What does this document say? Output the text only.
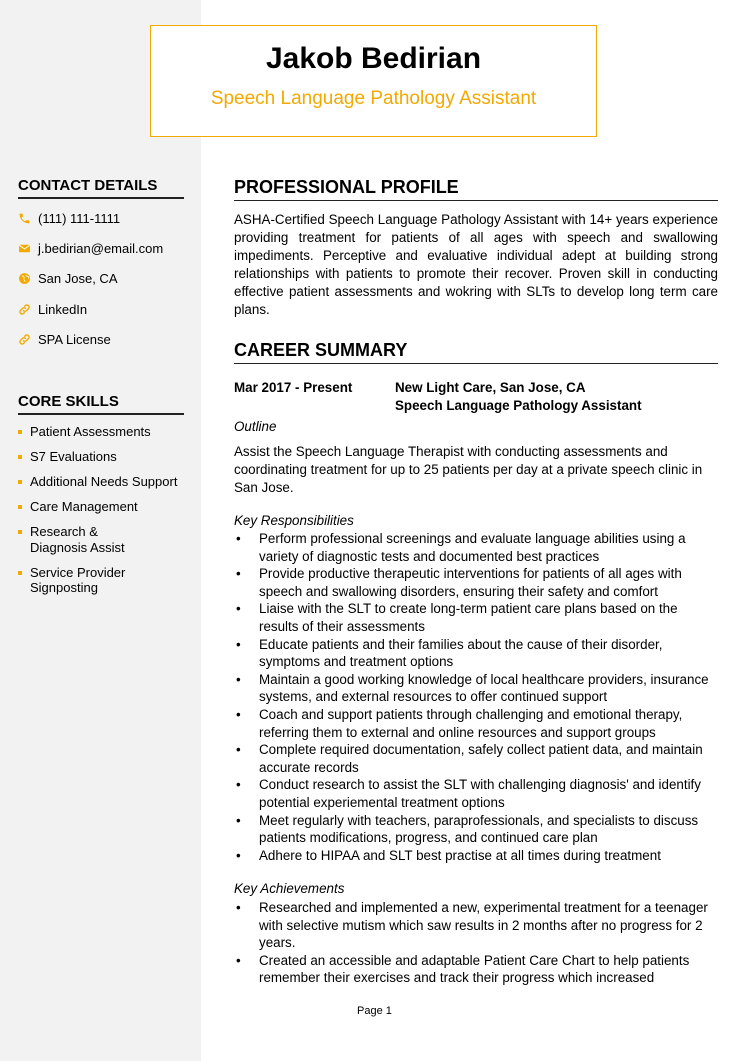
Jakob Bedirian
Speech Language Pathology Assistant
CONTACT DETAILS
(111) 111-1111
j.bedirian@email.com
San Jose, CA
LinkedIn
SPA License
CORE SKILLS
Patient Assessments
S7 Evaluations
Additional Needs Support
Care Management
Research & Diagnosis Assist
Service Provider Signposting
PROFESSIONAL PROFILE
ASHA-Certified Speech Language Pathology Assistant with 14+ years experience providing treatment for patients of all ages with speech and swallowing impediments. Perceptive and evaluative individual adept at building strong relationships with patients to promote their recover. Proven skill in conducting effective patient assessments and wokring with SLTs to develop long term care plans.
CAREER SUMMARY
Mar 2017 - Present	New Light Care, San Jose, CA
Speech Language Pathology Assistant
Outline
Assist the Speech Language Therapist with conducting assessments and coordinating treatment for up to 25 patients per day at a private speech clinic in San Jose.
Key Responsibilities
• Perform professional screenings and evaluate language abilities using a variety of diagnostic tests and documented best practices
• Provide productive therapeutic interventions for patients of all ages with speech and swallowing disorders, ensuring their safety and comfort
• Liaise with the SLT to create long-term patient care plans based on the results of their assessments
• Educate patients and their families about the cause of their disorder, symptoms and treatment options
• Maintain a good working knowledge of local healthcare providers, insurance systems, and external resources to offer continued support
• Coach and support patients through challenging and emotional therapy, referring them to external and online resources and support groups
• Complete required documentation, safely collect patient data, and maintain accurate records
• Conduct research to assist the SLT with challenging diagnosis' and identify potential experiemental treatment options
• Meet regularly with teachers, paraprofessionals, and specialists to discuss patients modifications, progress, and continued care plan
• Adhere to HIPAA and SLT best practise at all times during treatment
Key Achievements
• Researched and implemented a new, experimental treatment for a teenager with selective mutism which saw results in 2 months after no progress for 2 years.
• Created an accessible and adaptable Patient Care Chart to help patients remember their exercises and track their progress which increased
Page 1
